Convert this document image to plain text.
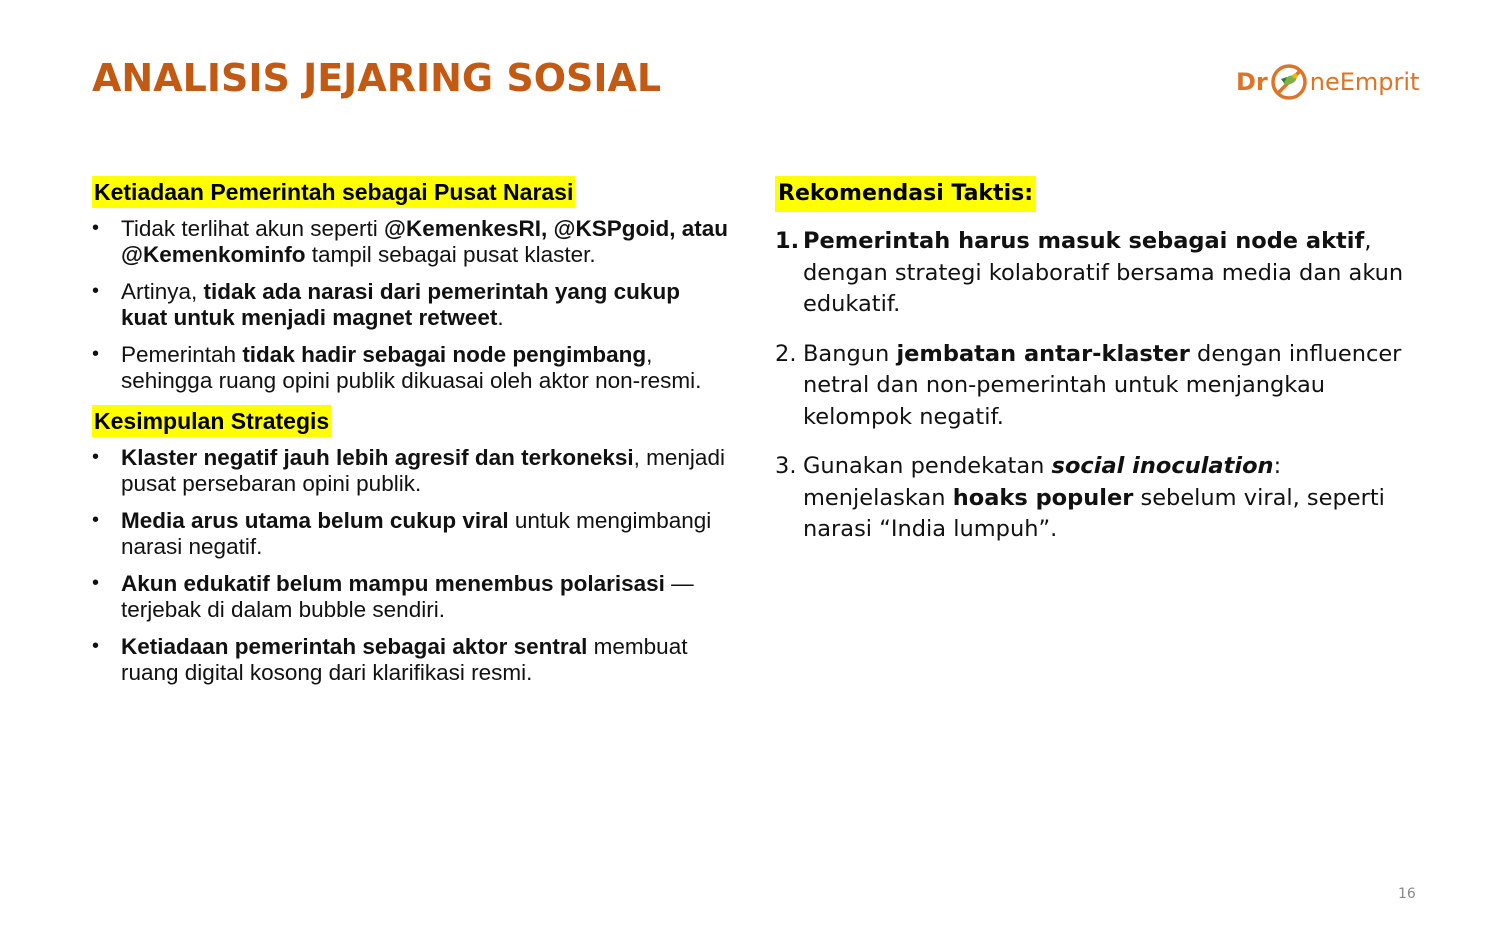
ANALISIS JEJARING SOSIAL	Dr neEmprit
Ketiadaan Pemerintah sebagai Pusat Narasi
• Tidak terlihat akun seperti @KemenkesRI, @KSPgoid, atau @Kemenkominfo tampil sebagai pusat klaster.
• Artinya, tidak ada narasi dari pemerintah yang cukup kuat untuk menjadi magnet retweet.
• Pemerintah tidak hadir sebagai node pengimbang, sehingga ruang opini publik dikuasai oleh aktor non-resmi.
Kesimpulan Strategis
• Klaster negatif jauh lebih agresif dan terkoneksi, menjadi pusat persebaran opini publik.
• Media arus utama belum cukup viral untuk mengimbangi narasi negatif.
• Akun edukatif belum mampu menembus polarisasi — terjebak di dalam bubble sendiri.
• Ketiadaan pemerintah sebagai aktor sentral membuat ruang digital kosong dari klarifikasi resmi.
Rekomendasi Taktis:
1. Pemerintah harus masuk sebagai node aktif, dengan strategi kolaboratif bersama media dan akun edukatif.
2. Bangun jembatan antar-klaster dengan influencer netral dan non-pemerintah untuk menjangkau kelompok negatif.
3. Gunakan pendekatan social inoculation: menjelaskan hoaks populer sebelum viral, seperti narasi “India lumpuh”.
16
